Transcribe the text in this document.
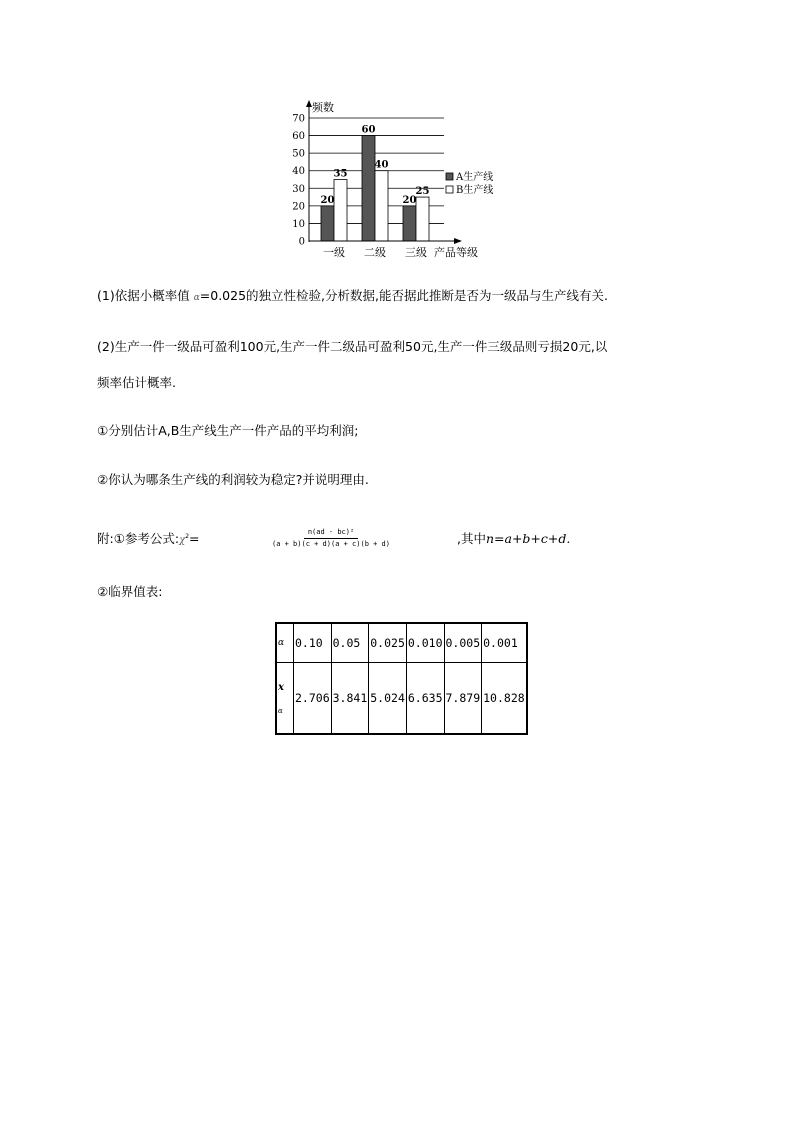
0
10
20
30
40
50
60
70
频数
产品等级
20
35
一级
60
40
二级
20
25
三级
A生产线
B生产线

(1)依据小概率值 α=0.025的独立性检验,分析数据,能否据此推断是否为一级品与生产线有关.

(2)生产一件一级品可盈利100元,生产一件二级品可盈利50元,生产一件三级品则亏损20元,以

频率估计概率.

①分别估计A,B生产线生产一件产品的平均利润;

②你认为哪条生产线的利润较为稳定?并说明理由.

附:①参考公式$:\chi^2= \frac{\text{n(ad - bc)²}}{(a + b)(c + d)(a + c)(b + d)}$
,其中n=a+b+c+d.

②临界值表:

α	0.10	0.05	0.025	0.010	0.005	0.001

x
α	2.706	3.841	5.024	6.635	7.879	10.828
